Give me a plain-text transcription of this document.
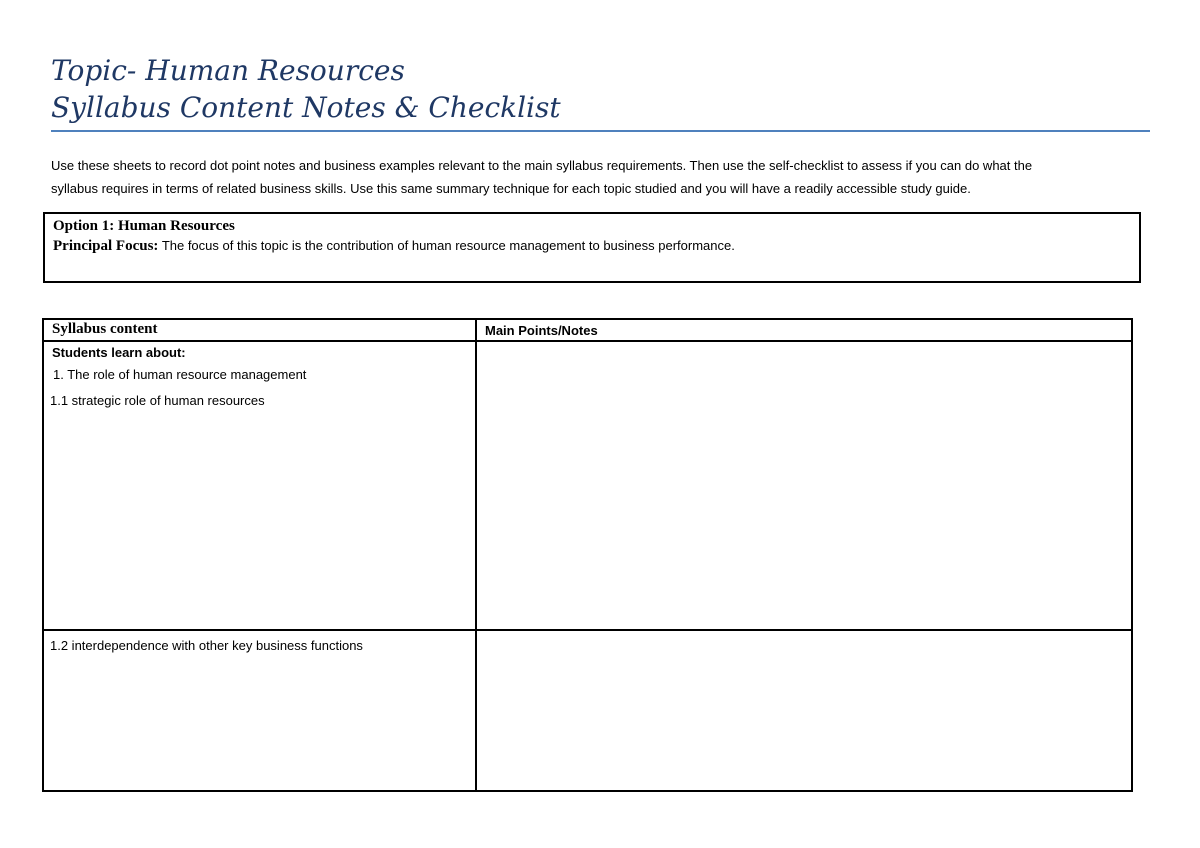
Topic- Human Resources
Syllabus Content Notes & Checklist

Use these sheets to record dot point notes and business examples relevant to the main syllabus requirements. Then use the self-checklist to assess if you can do what the

syllabus requires in terms of related business skills. Use this same summary technique for each topic studied and you will have a readily accessible study guide.

Option 1: Human Resources
Principal Focus: The focus of this topic is the contribution of human resource management to business performance.
Syllabus content	Main Points/Notes

Students learn about:
1. The role of human resource management
1.1 strategic role of human resources	

1.2 interdependence with other key business functions	
